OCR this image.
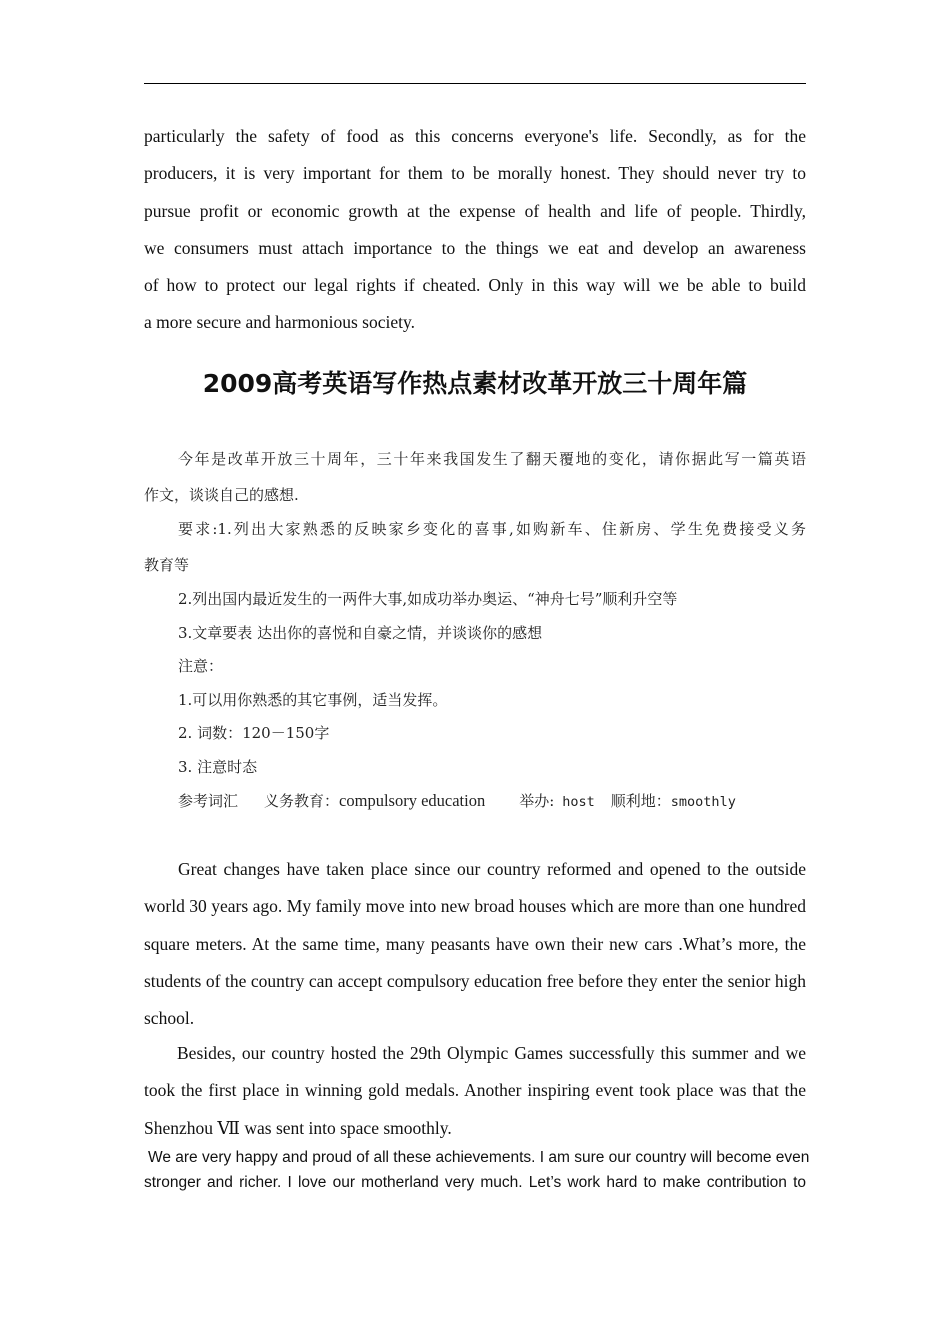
particularly the safety of food as this concerns everyone's life. Secondly, as for the
producers, it is very important for them to be morally honest. They should never try to
pursue profit or economic growth at the expense of health and life of people. Thirdly,
we consumers must attach importance to the things we eat and develop an awareness
of how to protect our legal rights if cheated. Only in this way will we be able to build
a more secure and harmonious society.
2009高考英语写作热点素材改革开放三十周年篇
今年是改革开放三十周年，三十年来我国发生了翻天覆地的变化，请你据此写一篇英语
作文，谈谈自己的感想.
要求:1.列出大家熟悉的反映家乡变化的喜事,如购新车、住新房、学生免费接受义务
教育等
2.列出国内最近发生的一两件大事,如成功举办奥运、“神舟七号”顺利升空等
3.文章要表 达出你的喜悦和自豪之情，并谈谈你的感想
注意：
1.可以用你熟悉的其它事例，适当发挥。
2. 词数：120－150字
3. 注意时态
参考词汇 义务教育：compulsory education 举办: host 顺利地：smoothly
Great changes have taken place since our country reformed and opened to the outside
world 30 years ago. My family move into new broad houses which are more than one hundred
square meters. At the same time, many peasants have own their new cars .What’s more, the
students of the country can accept compulsory education free before they enter the senior high
school.
Besides, our country hosted the 29th Olympic Games successfully this summer and we
took the first place in winning gold medals. Another inspiring event took place was that the
Shenzhou Ⅶ was sent into space smoothly.
We are very happy and proud of all these achievements. I am sure our country will become even
stronger and richer. I love our motherland very much. Let’s work hard to make contribution to
